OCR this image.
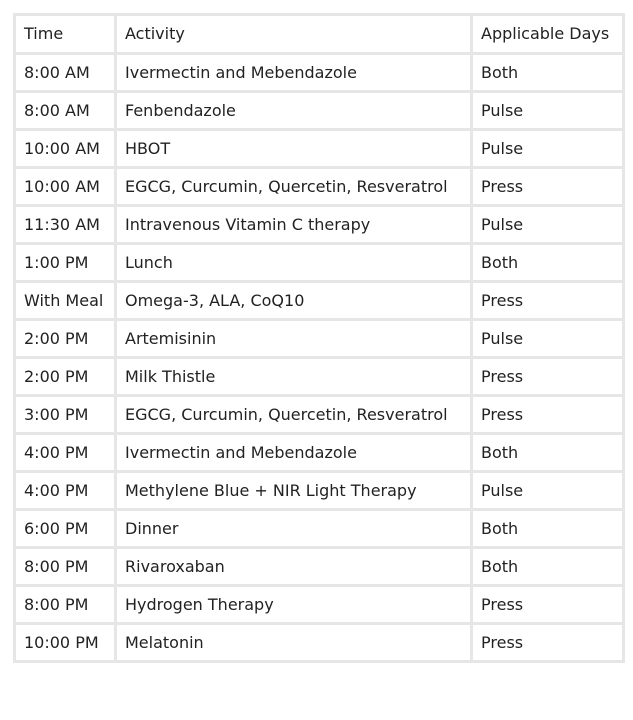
Time	Activity	Applicable Days
8:00 AM	Ivermectin and Mebendazole	Both
8:00 AM	Fenbendazole	Pulse
10:00 AM	HBOT	Pulse
10:00 AM	EGCG, Curcumin, Quercetin, Resveratrol	Press
11:30 AM	Intravenous Vitamin C therapy	Pulse
1:00 PM	Lunch	Both
With Meal	Omega-3, ALA, CoQ10	Press
2:00 PM	Artemisinin	Pulse
2:00 PM	Milk Thistle	Press
3:00 PM	EGCG, Curcumin, Quercetin, Resveratrol	Press
4:00 PM	Ivermectin and Mebendazole	Both
4:00 PM	Methylene Blue + NIR Light Therapy	Pulse
6:00 PM	Dinner	Both
8:00 PM	Rivaroxaban	Both
8:00 PM	Hydrogen Therapy	Press
10:00 PM	Melatonin	Press
